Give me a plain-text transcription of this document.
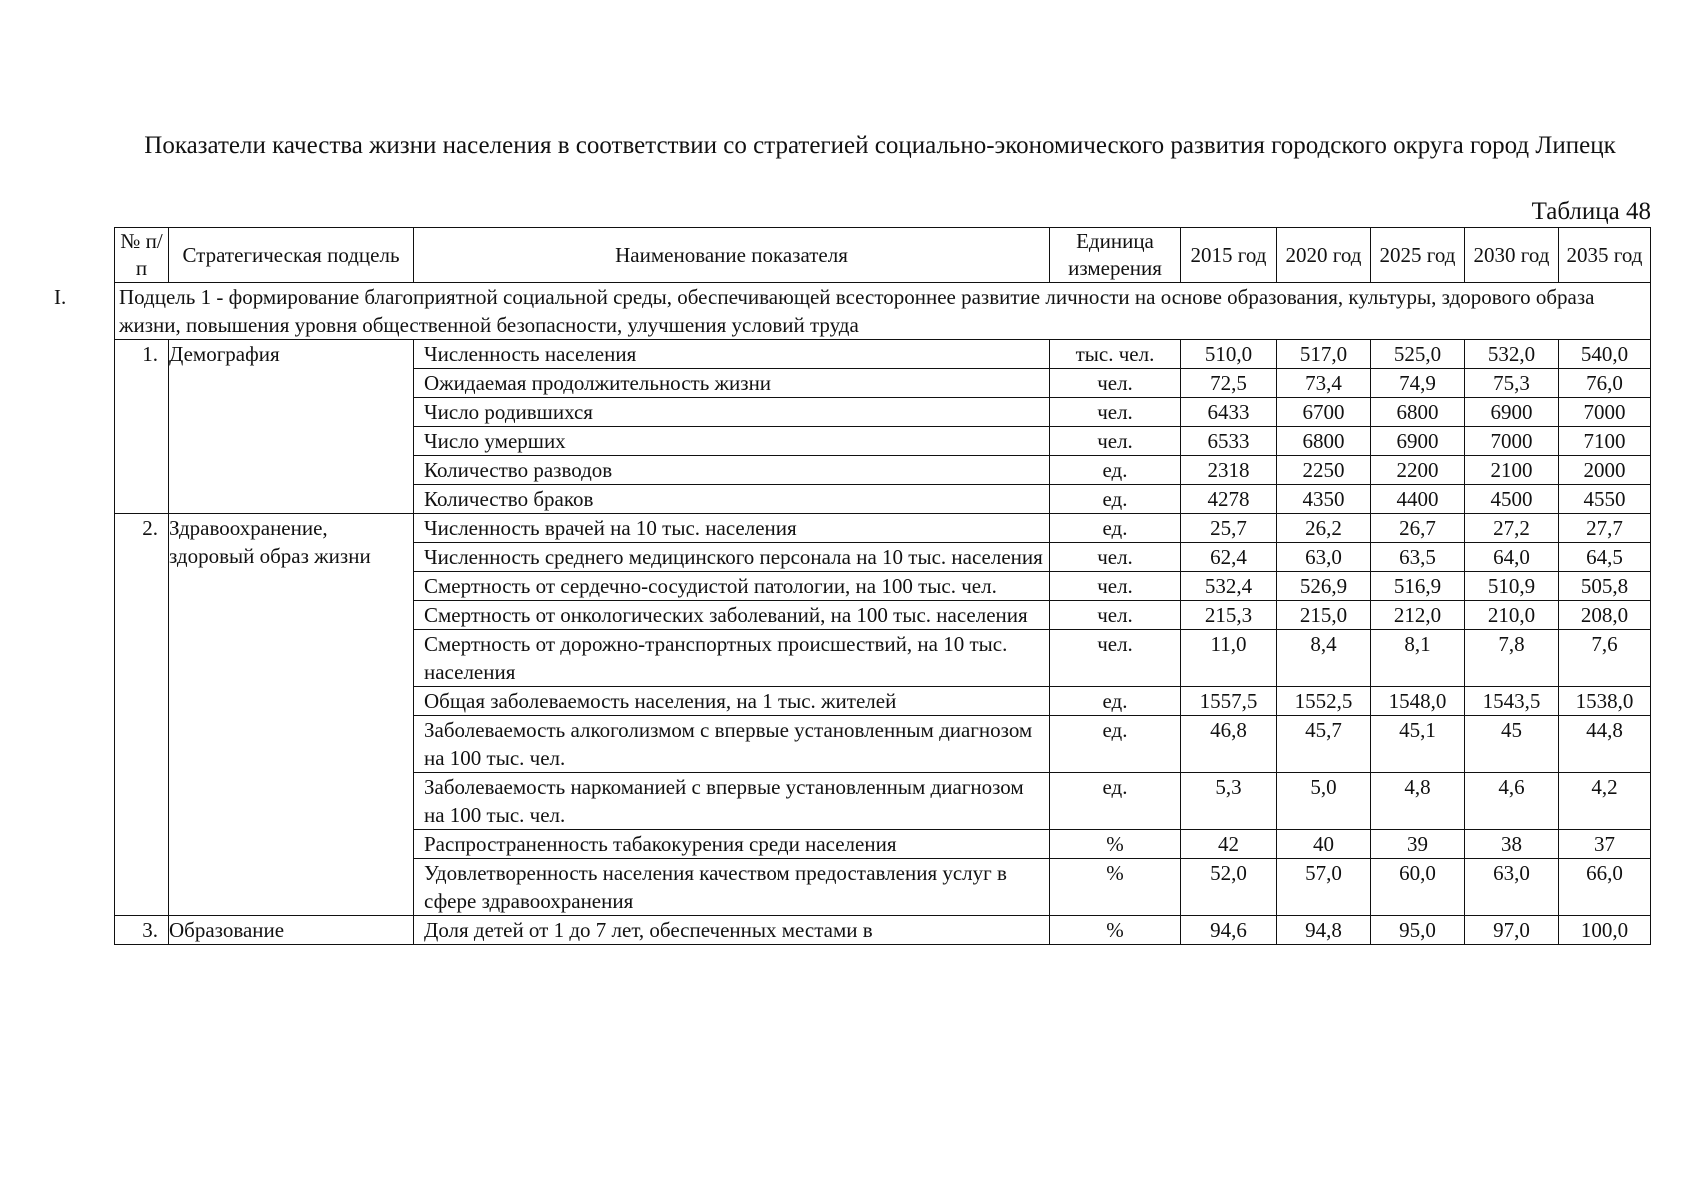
Показатели качества жизни населения в соответствии со стратегией социально-экономического развития городского округа город Липецк
Таблица 48
№ п/п	Стратегическая подцель	Наименование показателя	Единица измерения	2015 год	2020 год	2025 год	2030 год	2035 год
I. Подцель 1 - формирование благоприятной социальной среды, обеспечивающей всестороннее развитие личности на основе образования, культуры, здорового образа жизни, повышения уровня общественной безопасности, улучшения условий труда								
1.	Демография	Численность населения	тыс. чел.	510,0	517,0	525,0	532,0	540,0
		Ожидаемая продолжительность жизни	чел.	72,5	73,4	74,9	75,3	76,0
		Число родившихся	чел.	6433	6700	6800	6900	7000
		Число умерших	чел.	6533	6800	6900	7000	7100
		Количество разводов	ед.	2318	2250	2200	2100	2000
		Количество браков	ед.	4278	4350	4400	4500	4550
2.	Здравоохранение, здоровый образ жизни	Численность врачей на 10 тыс. населения	ед.	25,7	26,2	26,7	27,2	27,7
		Численность среднего медицинского персонала на 10 тыс. населения	чел.	62,4	63,0	63,5	64,0	64,5
		Смертность от сердечно-сосудистой патологии, на 100 тыс. чел.	чел.	532,4	526,9	516,9	510,9	505,8
		Смертность от онкологических заболеваний, на 100 тыс. населения	чел.	215,3	215,0	212,0	210,0	208,0
		Смертность от дорожно-транспортных происшествий, на 10 тыс. населения	чел.	11,0	8,4	8,1	7,8	7,6
		Общая заболеваемость населения, на 1 тыс. жителей	ед.	1557,5	1552,5	1548,0	1543,5	1538,0
		Заболеваемость алкоголизмом с впервые установленным диагнозом на 100 тыс. чел.	ед.	46,8	45,7	45,1	45	44,8
		Заболеваемость наркоманией с впервые установленным диагнозом на 100 тыс. чел.	ед.	5,3	5,0	4,8	4,6	4,2
		Распространенность табакокурения среди населения	%	42	40	39	38	37
		Удовлетворенность населения качеством предоставления услуг в сфере здравоохранения	%	52,0	57,0	60,0	63,0	66,0
3.	Образование	Доля детей от 1 до 7 лет, обеспеченных местами в	%	94,6	94,8	95,0	97,0	100,0
